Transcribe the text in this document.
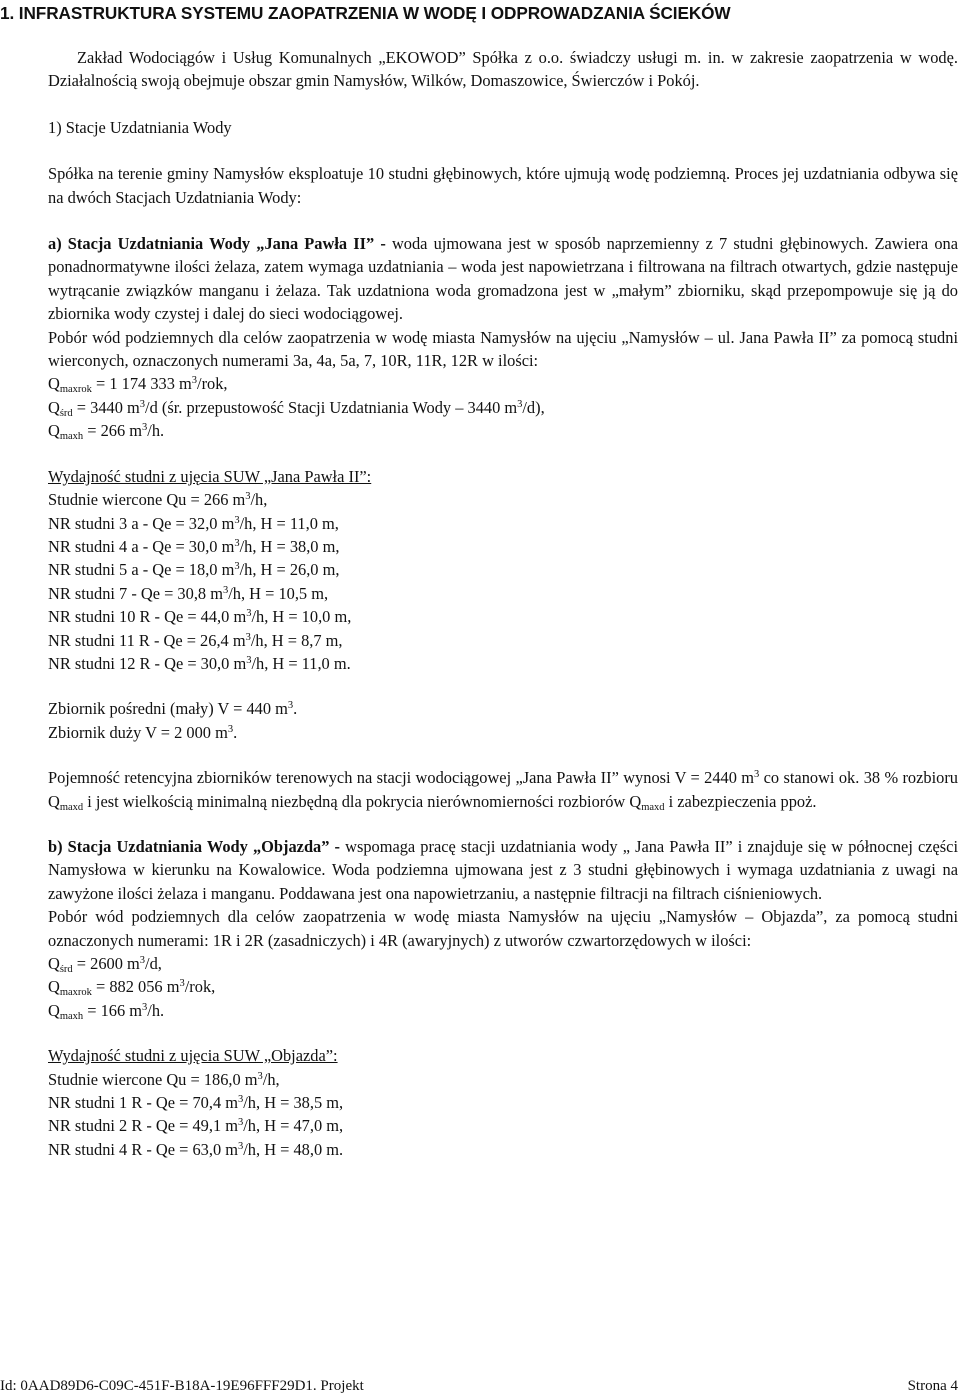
1. INFRASTRUKTURA SYSTEMU ZAOPATRZENIA W WODĘ I ODPROWADZANIA ŚCIEKÓW

Zakład Wodociągów i Usług Komunalnych „EKOWOD” Spółka z o.o. świadczy usługi m. in. w zakresie zaopatrzenia w wodę. Działalnością swoją obejmuje obszar gmin Namysłów, Wilków, Domaszowice, Świerczów i Pokój.

1) Stacje Uzdatniania Wody

Spółka na terenie gminy Namysłów eksploatuje 10 studni głębinowych, które ujmują wodę podziemną. Proces jej uzdatniania odbywa się na dwóch Stacjach Uzdatniania Wody:

a) Stacja Uzdatniania Wody „Jana Pawła II” - woda ujmowana jest w sposób naprzemienny z 7 studni głębinowych. Zawiera ona ponadnormatywne ilości żelaza, zatem wymaga uzdatniania – woda jest napowietrzana i filtrowana na filtrach otwartych, gdzie następuje wytrącanie związków manganu i żelaza. Tak uzdatniona woda gromadzona jest w „małym” zbiorniku, skąd przepompowuje się ją do zbiornika wody czystej i dalej do sieci wodociągowej.

Pobór wód podziemnych dla celów zaopatrzenia w wodę miasta Namysłów na ujęciu „Namysłów – ul. Jana Pawła II” za pomocą studni wierconych, oznaczonych numerami 3a, 4a, 5a, 7, 10R, 11R, 12R w ilości:

$Q_{maxrok} = 1$ 174 333 $m^3$/rok,

$Q_{śrd} = 3440$ $m^3/d$ (śr. przepustowość Stacji Uzdatniania Wody – 3440 $m^3/d$),

$Q_{maxh} = 266$ $m^3/h$.

Wydajność studni z ujęcia SUW „Jana Pawła II”:

Studnie wiercone Qu = 266 $m^3/h$,

NR studni 3 a - Qe = 32,0 $m^3/h$, H = 11,0 m,

NR studni 4 a - Qe = 30,0 $m^3/h$, H = 38,0 m,

NR studni 5 a - Qe = 18,0 $m^3/h$, H = 26,0 m,

NR studni 7 - Qe = 30,8 $m^3/h$, H = 10,5 m,

NR studni 10 R - Qe = 44,0 $m^3/h$, H = 10,0 m,

NR studni 11 R - Qe = 26,4 $m^3/h$, H = 8,7 m,

NR studni 12 R - Qe = 30,0 $m^3/h$, H = 11,0 m.

Zbiornik pośredni (mały) V = 440 $m^3$.

Zbiornik duży V = 2 000 $m^3$.

Pojemność retencyjna zbiorników terenowych na stacji wodociągowej „Jana Pawła II” wynosi V = 2440 $m^3$ co stanowi ok. 38 % rozbioru $Q_{maxd}$ i jest wielkością minimalną niezbędną dla pokrycia nierównomierności rozbiorów $Q_{maxd}$ i zabezpieczenia ppoż.

b) Stacja Uzdatniania Wody „Objazda” - wspomaga pracę stacji uzdatniania wody „ Jana Pawła II” i znajduje się w północnej części Namysłowa w kierunku na Kowalowice. Woda podziemna ujmowana jest z 3 studni głębinowych i wymaga uzdatniania z uwagi na zawyżone ilości żelaza i manganu. Poddawana jest ona napowietrzaniu, a następnie filtracji na filtrach ciśnieniowych.

Pobór wód podziemnych dla celów zaopatrzenia w wodę miasta Namysłów na ujęciu „Namysłów – Objazda”, za pomocą studni oznaczonych numerami: 1R i 2R (zasadniczych) i 4R (awaryjnych) z utworów czwartorzędowych w ilości:

$Q_{śrd} = 2600$ $m^3/d$,

$Q_{maxrok} = 882$ 056 $m^3$/rok,

$Q_{maxh} = 166$ $m^3/h$.

Wydajność studni z ujęcia SUW „Objazda”:

Studnie wiercone Qu = 186,0 $m^3/h$,

NR studni 1 R - Qe = 70,4 $m^3/h$, H = 38,5 m,

NR studni 2 R - Qe = 49,1 $m^3/h$, H = 47,0 m,

NR studni 4 R - Qe = 63,0 $m^3/h$, H = 48,0 m.

Id: 0AAD89D6-C09C-451F-B18A-19E96FFF29D1. Projekt	Strona 4
